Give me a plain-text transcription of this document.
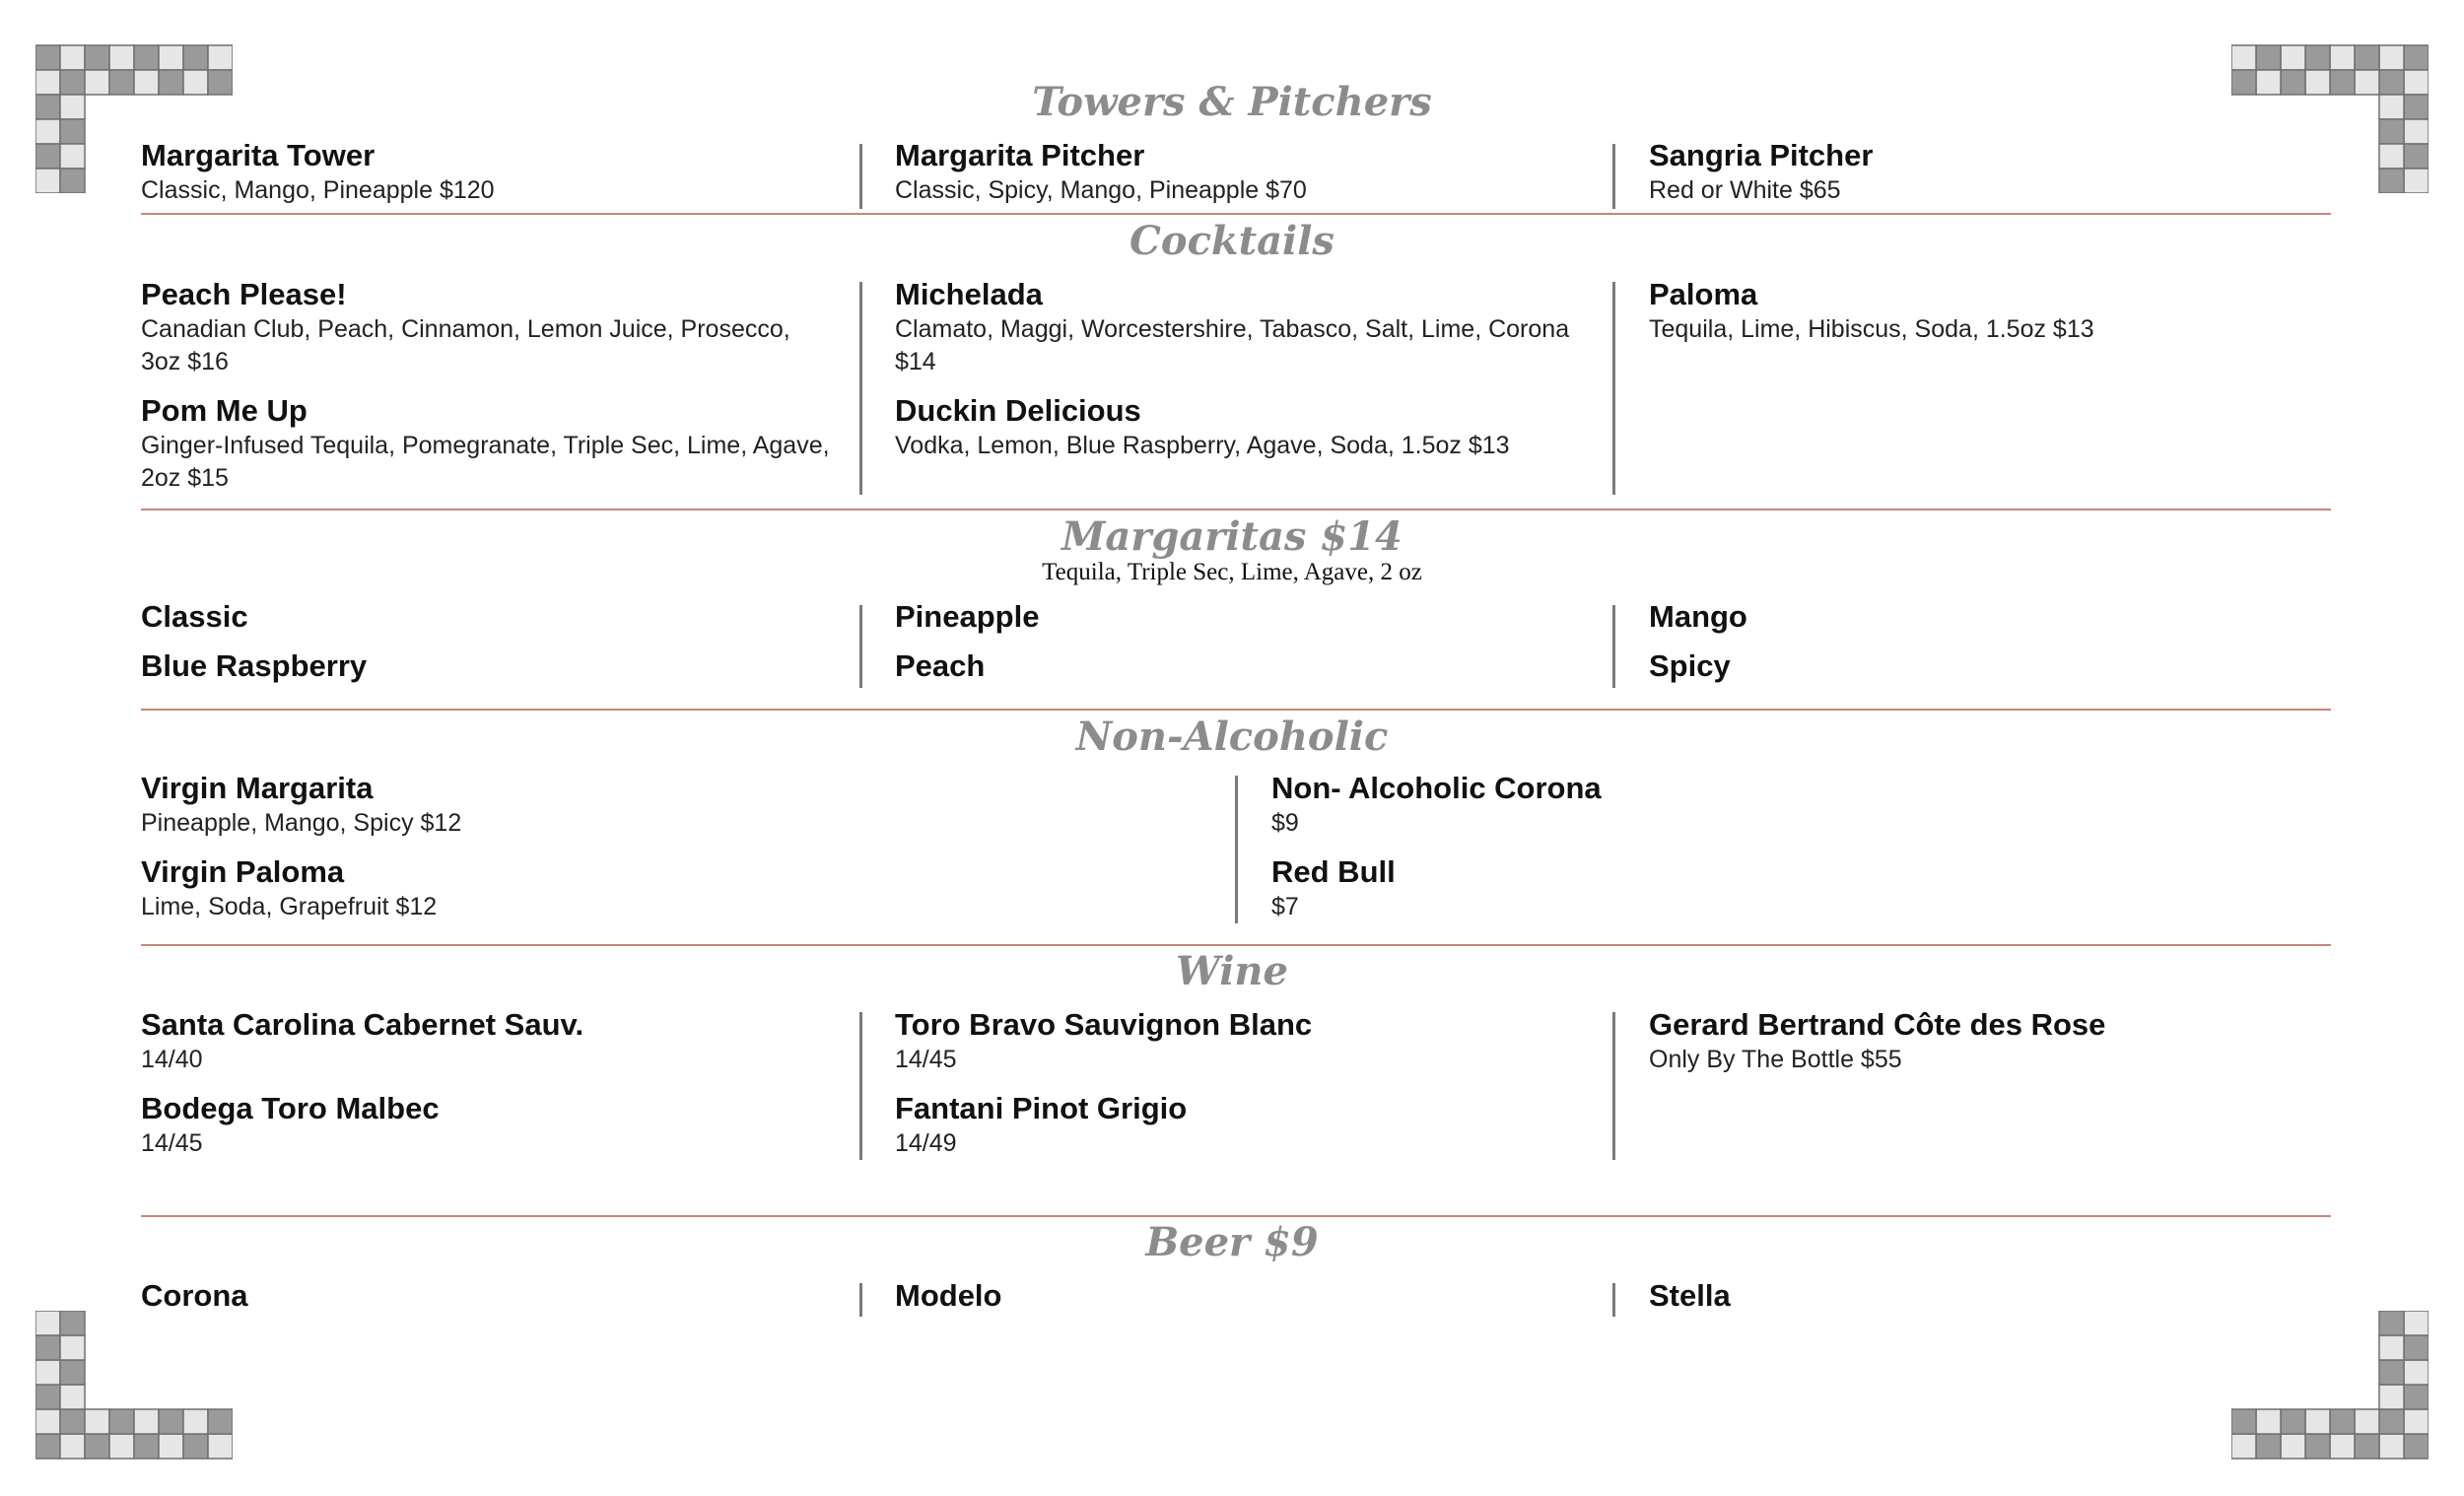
Towers & Pitchers
Margarita Tower
Classic, Mango, Pineapple $120
Margarita Pitcher
Classic, Spicy, Mango, Pineapple $70
Sangria Pitcher
Red or White $65
Cocktails
Peach Please!
Canadian Club, Peach, Cinnamon, Lemon Juice, Prosecco, 3oz $16
Pom Me Up
Ginger-Infused Tequila, Pomegranate, Triple Sec, Lime, Agave, 2oz $15
Michelada
Clamato, Maggi, Worcestershire, Tabasco, Salt, Lime, Corona $14
Duckin Delicious
Vodka, Lemon, Blue Raspberry, Agave, Soda, 1.5oz $13
Paloma
Tequila, Lime, Hibiscus, Soda, 1.5oz $13
Margaritas $14
Tequila, Triple Sec, Lime, Agave, 2 oz
Classic
Blue Raspberry
Pineapple
Peach
Mango
Spicy
Non-Alcoholic
Virgin Margarita
Pineapple, Mango, Spicy $12
Virgin Paloma
Lime, Soda, Grapefruit $12
Non- Alcoholic Corona
$9
Red Bull
$7
Wine
Santa Carolina Cabernet Sauv.
14/40
Bodega Toro Malbec
14/45
Toro Bravo Sauvignon Blanc
14/45
Fantani Pinot Grigio
14/49
Gerard Bertrand Côte des Rose
Only By The Bottle $55
Beer $9
Corona	Modelo	Stella
